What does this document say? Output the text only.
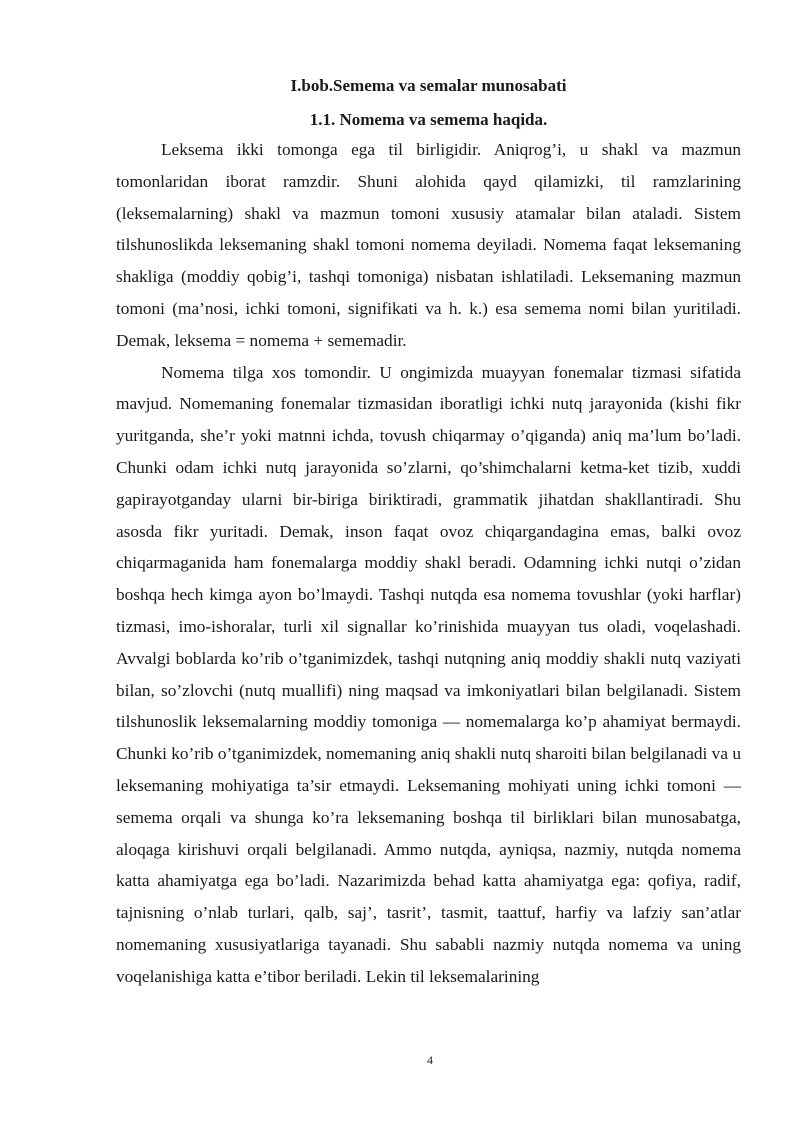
I.bob.Semema va semalar munosabati

1.1. Nomema va semema haqida.

Leksema ikki tomonga ega til birligidir. Aniqrog’i, u shakl va mazmun tomonlaridan iborat ramzdir. Shuni alohida qayd qilamizki, til ramzlarining (leksemalarning) shakl va mazmun tomoni xususiy atamalar bilan ataladi. Sistem tilshunoslikda leksemaning shakl tomoni nomema deyiladi. Nomema faqat leksemaning shakliga (moddiy qobig’i, tashqi tomoniga) nisbatan ishlatiladi. Leksemaning mazmun tomoni (ma’nosi, ichki tomoni, signifikati va h. k.) esa semema nomi bilan yuritiladi. Demak, leksema = nomema + sememadir.

Nomema tilga xos tomondir. U ongimizda muayyan fonemalar tizmasi sifatida mavjud. Nomemaning fonemalar tizmasidan iboratligi ichki nutq jarayonida (kishi fikr yuritganda, she’r yoki matnni ichda, tovush chiqarmay o’qiganda) aniq ma’lum bo’ladi. Chunki odam ichki nutq jarayonida so’zlarni, qo’shimchalarni ketma-ket tizib, xuddi gapirayotganday ularni bir-biriga biriktiradi, grammatik jihatdan shakllantiradi. Shu asosda fikr yuritadi. Demak, inson faqat ovoz chiqargandagina emas, balki ovoz chiqarmaganida ham fonemalarga moddiy shakl beradi. Odamning ichki nutqi o’zidan boshqa hech kimga ayon bo’lmaydi. Tashqi nutqda esa nomema tovushlar (yoki harflar) tizmasi, imo-ishoralar, turli xil signallar ko’rinishida muayyan tus oladi, voqelashadi. Avvalgi boblarda ko’rib o’tganimizdek, tashqi nutqning aniq moddiy shakli nutq vaziyati bilan, so’zlovchi (nutq muallifi) ning maqsad va imkoniyatlari bilan belgilanadi. Sistem tilshunoslik leksemalarning moddiy tomoniga — nomemalarga ko’p ahamiyat bermaydi. Chunki ko’rib o’tganimizdek, nomemaning aniq shakli nutq sharoiti bilan belgilanadi va u leksemaning mohiyatiga ta’sir etmaydi. Leksemaning mohiyati uning ichki tomoni — semema orqali va shunga ko’ra leksemaning boshqa til birliklari bilan munosabatga, aloqaga kirishuvi orqali belgilanadi. Ammo nutqda, ayniqsa, nazmiy, nutqda nomema katta ahamiyatga ega bo’ladi. Nazarimizda behad katta ahamiyatga ega: qofiya, radif, tajnisning o’nlab turlari, qalb, saj’, tasrit’, tasmit, taattuf, harfiy va lafziy san’atlar nomemaning xususiyatlariga tayanadi. Shu sababli nazmiy nutqda nomema va uning voqelanishiga katta e’tibor beriladi. Lekin til leksemalarining

4
